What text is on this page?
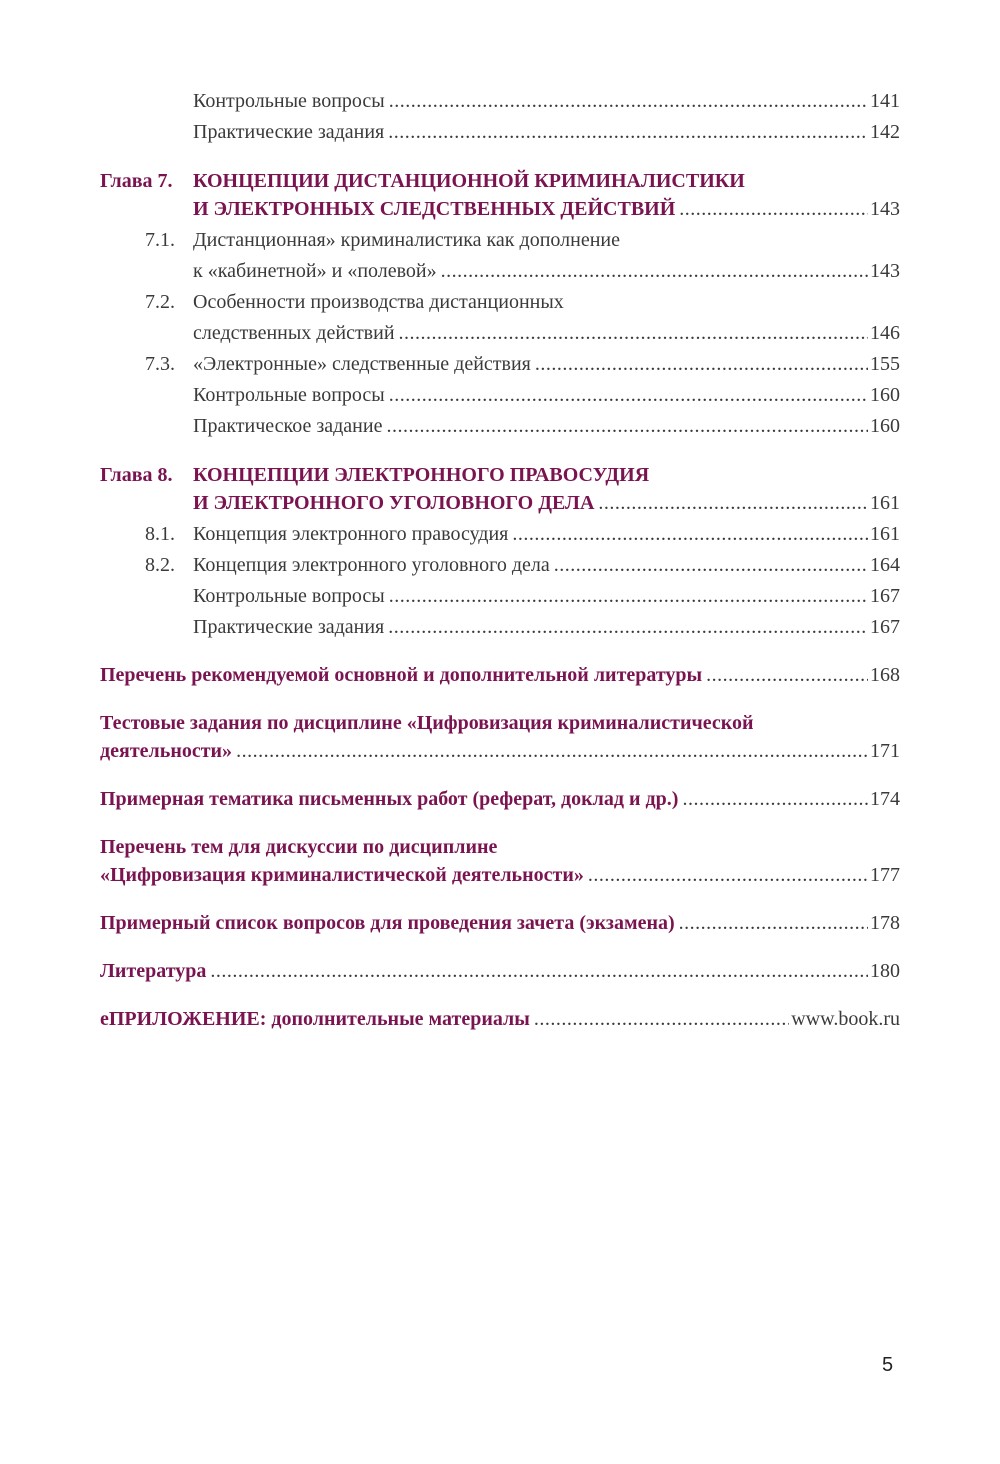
Контрольные вопросы .....	141
Практические задания .....	142
Глава 7.	КОНЦЕПЦИИ ДИСТАНЦИОННОЙ КРИМИНАЛИСТИКИ
И ЭЛЕКТРОННЫХ СЛЕДСТВЕННЫХ ДЕЙСТВИЙ .....	143
7.1. Дистанционная» криминалистика как дополнение
к «кабинетной» и «полевой» .....	143
7.2. Особенности производства дистанционных
следственных действий .....	146
7.3. «Электронные» следственные действия .....	155
Контрольные вопросы .....	160
Практическое задание .....	160
Глава 8.	КОНЦЕПЦИИ ЭЛЕКТРОННОГО ПРАВОСУДИЯ
И ЭЛЕКТРОННОГО УГОЛОВНОГО ДЕЛА .....	161
8.1. Концепция электронного правосудия .....	161
8.2. Концепция электронного уголовного дела .....	164
Контрольные вопросы .....	167
Практические задания .....	167
Перечень рекомендуемой основной и дополнительной литературы .....	168
Тестовые задания по дисциплине «Цифровизация криминалистической
деятельности» .....	171
Примерная тематика письменных работ (реферат, доклад и др.) .....	174
Перечень тем для дискуссии по дисциплине
«Цифровизация криминалистической деятельности» .....	177
Примерный список вопросов для проведения зачета (экзамена) .....	178
Литература .....	180
еПРИЛОЖЕНИЕ: дополнительные материалы .....	www.book.ru
5
